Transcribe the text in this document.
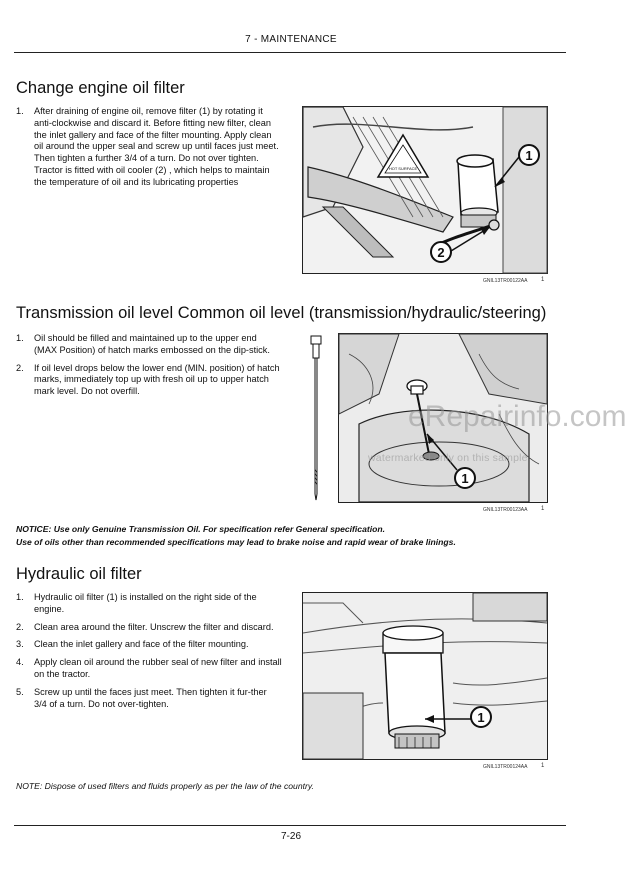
7 - MAINTENANCE
Change engine oil filter
1. After draining of engine oil, remove filter (1) by rotating it anti-clockwise and discard it. Before fitting new filter, clean the inlet gallery and face of the filter mounting. Apply clean oil around the upper seal and screw up until faces just meet. Then tighten a further 3/4 of a turn. Do not over tighten. Tractor is fitted with oil cooler (2) , which helps to maintain the temperature of oil and its lubricating properties
HOT SURFACE
1
2
GNIL13TR00122AA 1
Transmission oil level Common oil level (transmission/hydraulic/steering)
1. Oil should be filled and maintained up to the upper end (MAX Position) of hatch marks embossed on the dip-stick.
2. If oil level drops below the lower end (MIN. position) of hatch marks, immediately top up with fresh oil up to upper hatch mark level. Do not overfill.
1
GNIL13TR00123AA 1
NOTICE: Use only Genuine Transmission Oil. For specification refer General specification.
Use of oils other than recommended specifications may lead to brake noise and rapid wear of brake linings.
eRepairinfo.com
watermarked only on this sample
Hydraulic oil filter
1. Hydraulic oil filter (1) is installed on the right side of the engine.
2. Clean area around the filter. Unscrew the filter and discard.
3. Clean the inlet gallery and face of the filter mounting.
4. Apply clean oil around the rubber seal of new filter and install on the tractor.
5. Screw up until the faces just meet. Then tighten it fur-ther 3/4 of a turn. Do not over-tighten.
1
GNIL13TR00124AA 1
NOTE: Dispose of used filters and fluids properly as per the law of the country.
7-26
